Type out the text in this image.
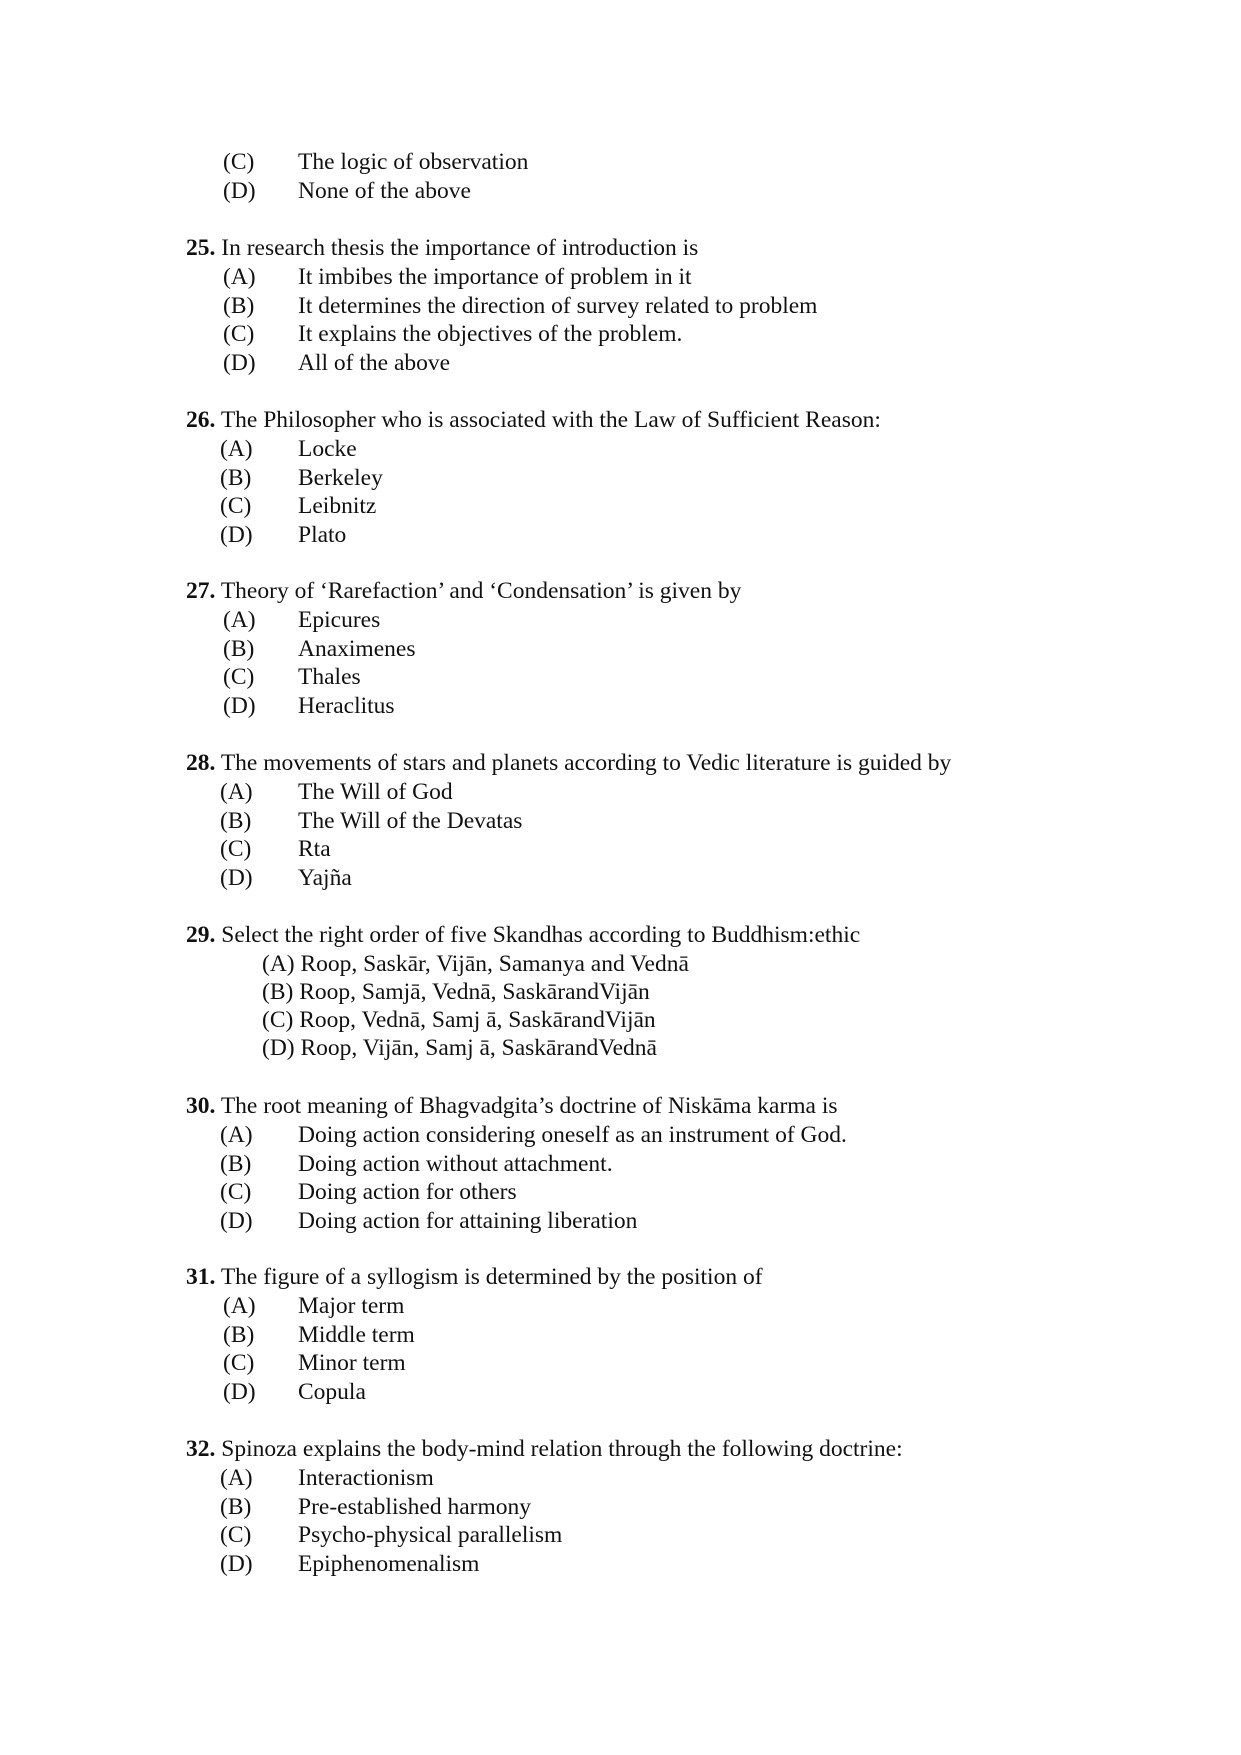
(C) The logic of observation
(D) None of the above
25. In research thesis the importance of introduction is
(A) It imbibes the importance of problem in it
(B) It determines the direction of survey related to problem
(C) It explains the objectives of the problem.
(D) All of the above
26. The Philosopher who is associated with the Law of Sufficient Reason:
(A) Locke
(B) Berkeley
(C) Leibnitz
(D) Plato
27. Theory of ‘Rarefaction’ and ‘Condensation’ is given by
(A) Epicures
(B) Anaximenes
(C) Thales
(D) Heraclitus
28. The movements of stars and planets according to Vedic literature is guided by
(A) The Will of God
(B) The Will of the Devatas
(C) Rta
(D) Yajña
29. Select the right order of five Skandhas according to Buddhism:ethic
(A) Roop, Saskār, Vijān, Samanya and Vednā
(B) Roop, Samjā, Vednā, SaskārandVijān
(C) Roop, Vednā, Samj ā, SaskārandVijān
(D) Roop, Vijān, Samj ā, SaskārandVednā
30. The root meaning of Bhagvadgita’s doctrine of Niskāma karma is
(A) Doing action considering oneself as an instrument of God.
(B) Doing action without attachment.
(C) Doing action for others
(D) Doing action for attaining liberation
31. The figure of a syllogism is determined by the position of
(A) Major term
(B) Middle term
(C) Minor term
(D) Copula
32. Spinoza explains the body-mind relation through the following doctrine:
(A) Interactionism
(B) Pre-established harmony
(C) Psycho-physical parallelism
(D) Epiphenomenalism
